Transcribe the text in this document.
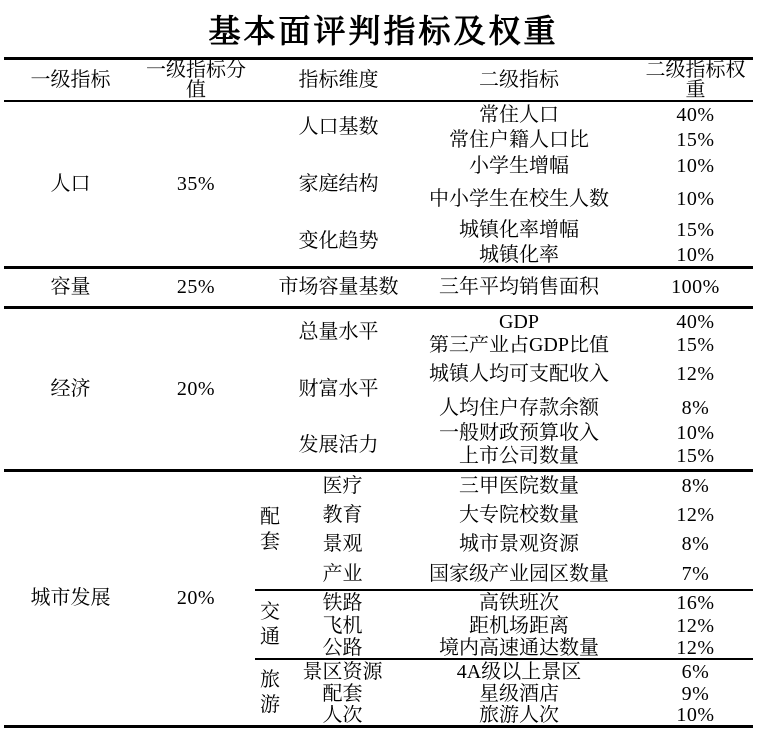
基本面评判指标及权重
一级指标	一级指标分值	指标维度		二级指标	二级指标权重
人口	35%	人口基数		常住人口	40%
				常住户籍人口比	15%
		家庭结构		小学生增幅	10%
				中小学生在校生人数	10%
		变化趋势		城镇化率增幅	15%
				城镇化率	10%
容量	25%	市场容量基数		三年平均销售面积	100%
经济	20%	总量水平		GDP	40%
				第三产业占GDP比值	15%
		财富水平		城镇人均可支配收入	12%
				人均住户存款余额	8%
		发展活力		一般财政预算收入	10%
				上市公司数量	15%
城市发展	20%	配套	医疗	三甲医院数量	8%
			教育	大专院校数量	12%
			景观	城市景观资源	8%
			产业	国家级产业园区数量	7%
		交通	铁路	高铁班次	16%
			飞机	距机场距离	12%
			公路	境内高速通达数量	12%
		旅游	景区资源	4A级以上景区	6%
			配套	星级酒店	9%
			人次	旅游人次	10%
